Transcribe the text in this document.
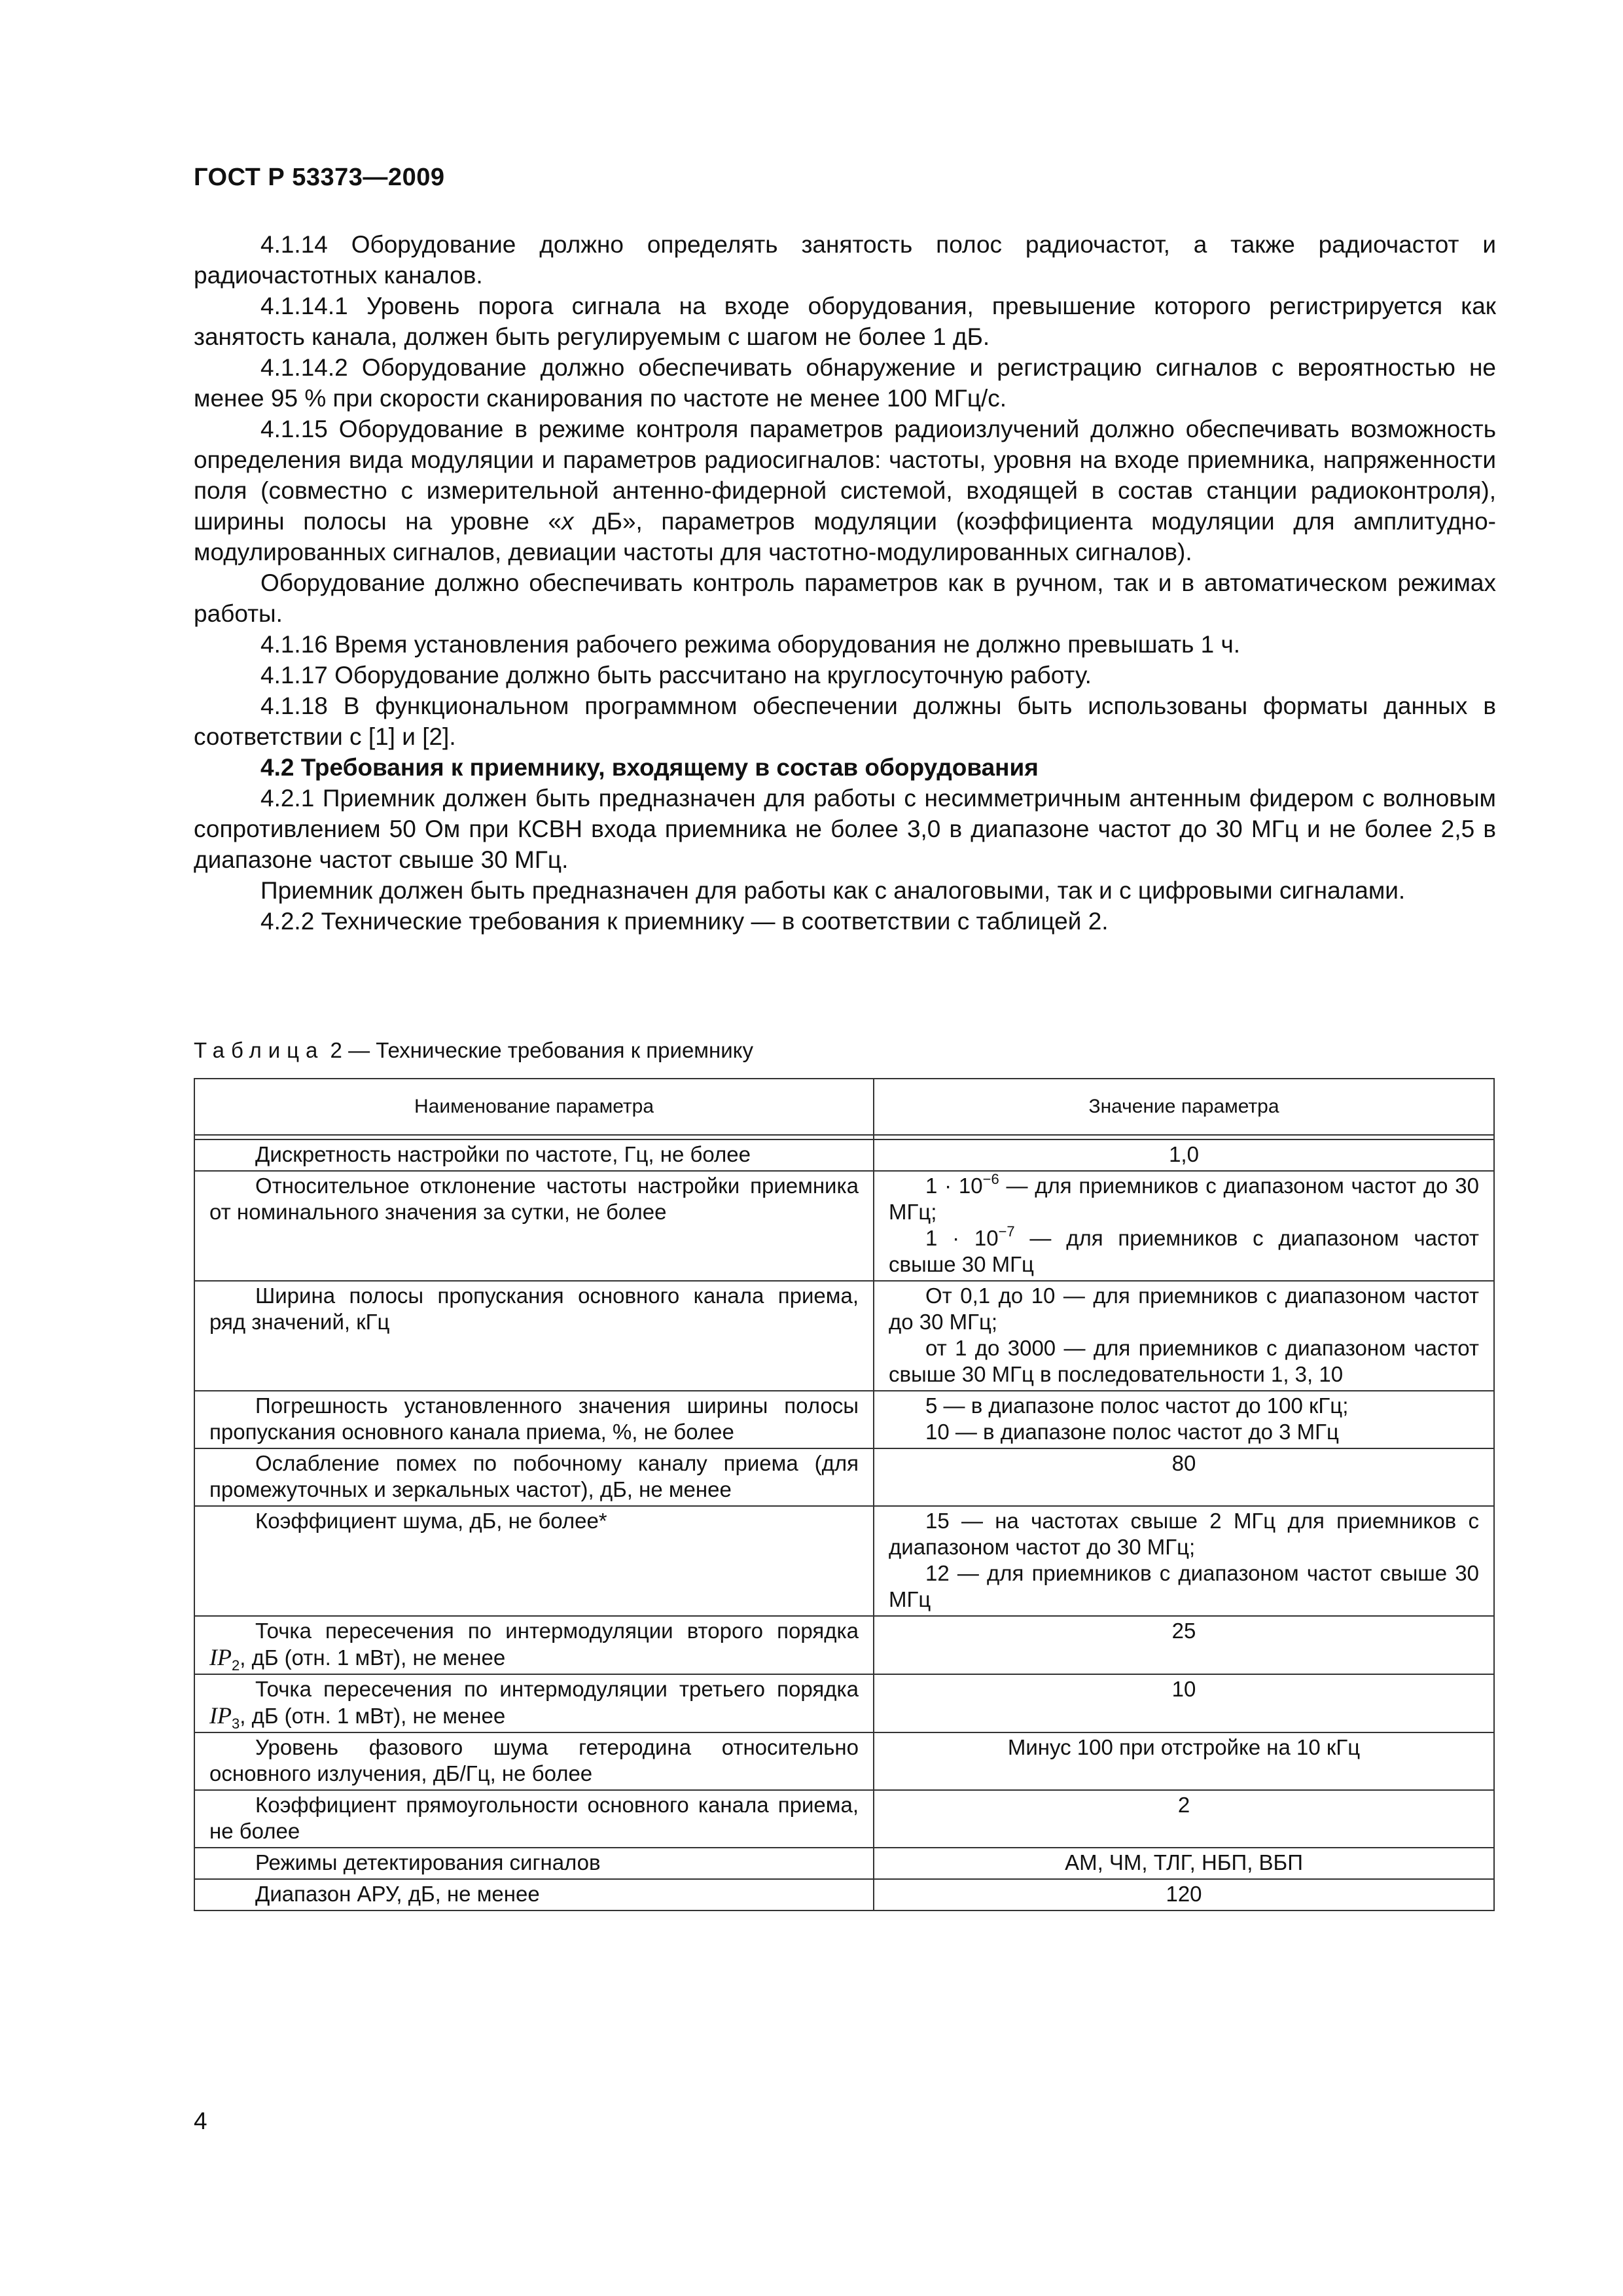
ГОСТ Р 53373—2009

4.1.14 Оборудование должно определять занятость полос радиочастот, а также радиочастот и радиочастотных каналов.

4.1.14.1 Уровень порога сигнала на входе оборудования, превышение которого регистрируется как занятость канала, должен быть регулируемым с шагом не более 1 дБ.

4.1.14.2 Оборудование должно обеспечивать обнаружение и регистрацию сигналов с вероятностью не менее 95 % при скорости сканирования по частоте не менее 100 МГц/с.

4.1.15 Оборудование в режиме контроля параметров радиоизлучений должно обеспечивать возможность определения вида модуляции и параметров радиосигналов: частоты, уровня на входе приемника, напряженности поля (совместно с измерительной антенно-фидерной системой, входящей в состав станции радиоконтроля), ширины полосы на уровне «x дБ», параметров модуляции (коэффициента модуляции для амплитудно-модулированных сигналов, девиации частоты для частотно-модулированных сигналов).

Оборудование должно обеспечивать контроль параметров как в ручном, так и в автоматическом режимах работы.

4.1.16 Время установления рабочего режима оборудования не должно превышать 1 ч.

4.1.17 Оборудование должно быть рассчитано на круглосуточную работу.

4.1.18 В функциональном программном обеспечении должны быть использованы форматы данных в соответствии с [1] и [2].

4.2 Требования к приемнику, входящему в состав оборудования

4.2.1 Приемник должен быть предназначен для работы с несимметричным антенным фидером с волновым сопротивлением 50 Ом при КСВН входа приемника не более 3,0 в диапазоне частот до 30 МГц и не более 2,5 в диапазоне частот свыше 30 МГц.

Приемник должен быть предназначен для работы как с аналоговыми, так и с цифровыми сигналами.

4.2.2 Технические требования к приемнику — в соответствии с таблицей 2.

Таблица 2 — Технические требования к приемнику
Наименование параметра	Значение параметра

Дискретность настройки по частоте, Гц, не более	1,0
Относительное отклонение частоты настройки приемника от номинального значения за сутки, не более	$1 \cdot 10^{-6}$ — для приемников с диапазоном частот до 30 МГц;

$1 \cdot 10^{-7}$ — для приемников с диапазоном частот свыше 30 МГц

Ширина полосы пропускания основного канала приема, ряд значений, кГц	От 0,1 до 10 — для приемников с диапазоном частот до 30 МГц;

от 1 до 3000 — для приемников с диапазоном частот свыше 30 МГц в последовательности 1, 3, 10

Погрешность установленного значения ширины полосы пропускания основного канала приема, %, не более	5 — в диапазоне полос частот до 100 кГц;

10 — в диапазоне полос частот до 3 МГц

Ослабление помех по побочному каналу приема (для промежуточных и зеркальных частот), дБ, не менее	80
Коэффициент шума, дБ, не более*	15 — на частотах свыше 2 МГц для приемников с диапазоном частот до 30 МГц;

12 — для приемников с диапазоном частот свыше 30 МГц

Точка пересечения по интермодуляции второго порядка $IP_2$, дБ (отн. 1 мВт), не менее	25
Точка пересечения по интермодуляции третьего порядка $IP_3$, дБ (отн. 1 мВт), не менее	10
Уровень фазового шума гетеродина относительно основного излучения, дБ/Гц, не более	Минус 100 при отстройке на 10 кГц
Коэффициент прямоугольности основного канала приема, не более	2
Режимы детектирования сигналов	АМ, ЧМ, ТЛГ, НБП, ВБП
Диапазон АРУ, дБ, не менее	120
4
